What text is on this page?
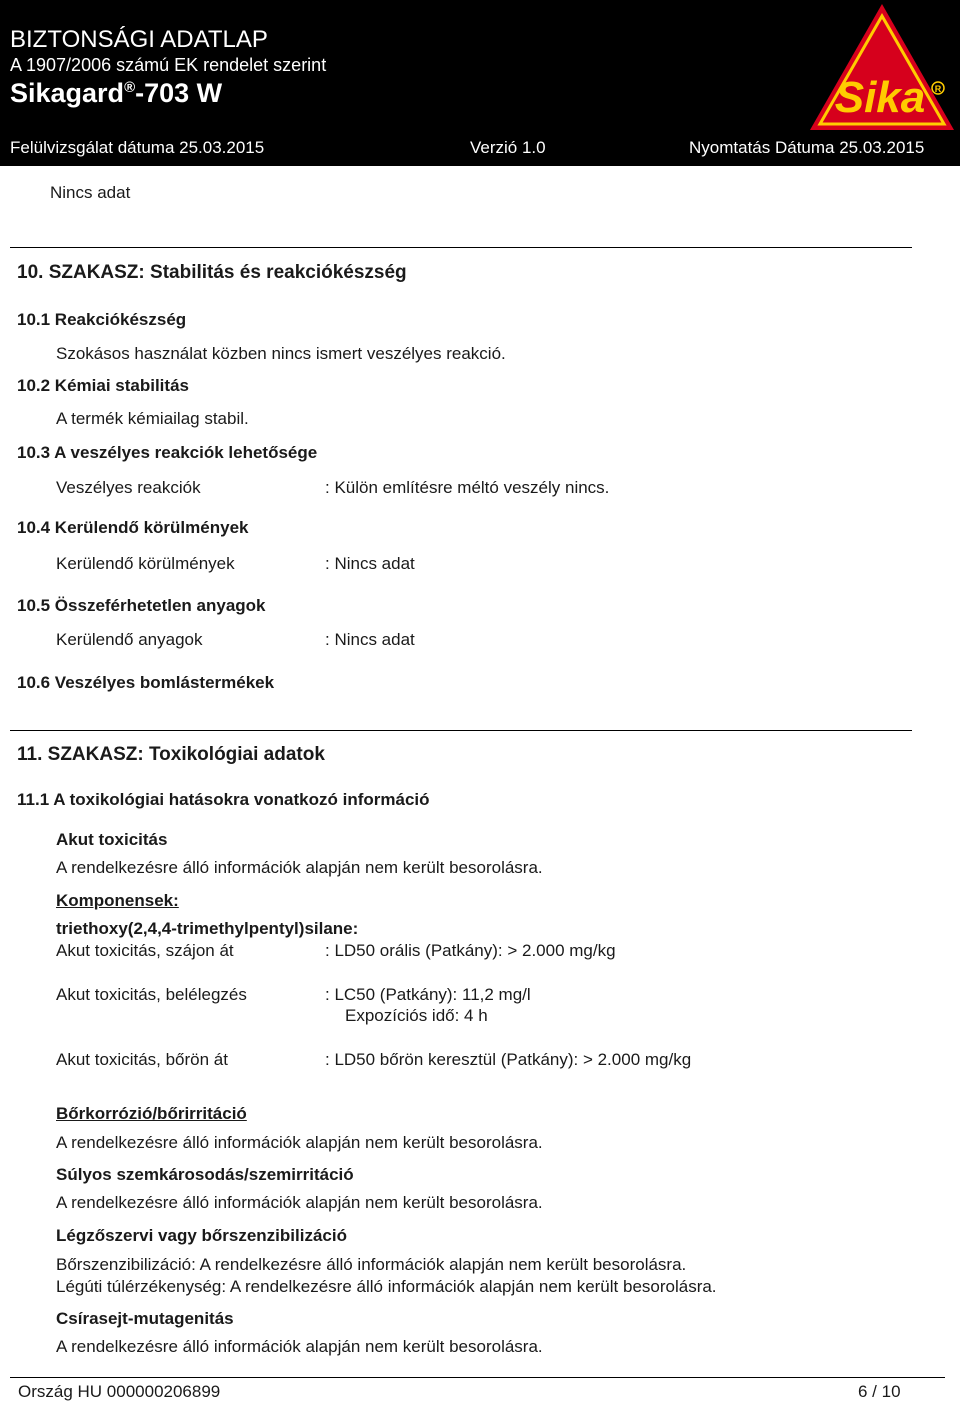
BIZTONSÁGI ADATLAP
A 1907/2006 számú EK rendelet szerint
Sikagard®-703 W
Felülvizsgálat dátuma 25.03.2015	Verzió 1.0	Nyomtatás Dátuma 25.03.2015
Sika R
Nincs adat
10. SZAKASZ: Stabilitás és reakciókészség
10.1 Reakciókészség
Szokásos használat közben nincs ismert veszélyes reakció.
10.2 Kémiai stabilitás
A termék kémiailag stabil.
10.3 A veszélyes reakciók lehetősége
Veszélyes reakciók	: Külön említésre méltó veszély nincs.
10.4 Kerülendő körülmények
Kerülendő körülmények	: Nincs adat
10.5 Összeférhetetlen anyagok
Kerülendő anyagok	: Nincs adat
10.6 Veszélyes bomlástermékek
11. SZAKASZ: Toxikológiai adatok
11.1 A toxikológiai hatásokra vonatkozó információ
Akut toxicitás
A rendelkezésre álló információk alapján nem került besorolásra.
Komponensek:
triethoxy(2,4,4-trimethylpentyl)silane:
Akut toxicitás, szájon át	: LD50 orális (Patkány): > 2.000 mg/kg
Akut toxicitás, belélegzés	: LC50 (Patkány): 11,2 mg/l
Expozíciós idő: 4 h
Akut toxicitás, bőrön át	: LD50 bőrön keresztül (Patkány): > 2.000 mg/kg
Bőrkorrózió/bőrirritáció
A rendelkezésre álló információk alapján nem került besorolásra.
Súlyos szemkárosodás/szemirritáció
A rendelkezésre álló információk alapján nem került besorolásra.
Légzőszervi vagy bőrszenzibilizáció
Bőrszenzibilizáció: A rendelkezésre álló információk alapján nem került besorolásra.
Légúti túlérzékenység: A rendelkezésre álló információk alapján nem került besorolásra.
Csírasejt-mutagenitás
A rendelkezésre álló információk alapján nem került besorolásra.
Ország HU 000000206899	6 / 10
